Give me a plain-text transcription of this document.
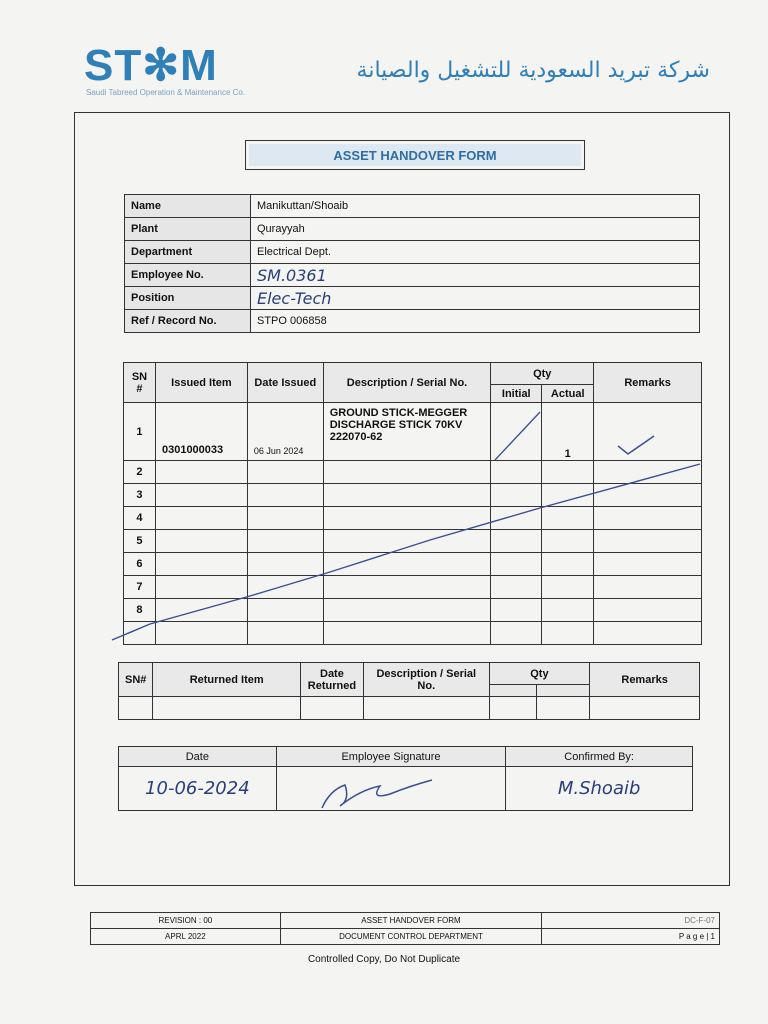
ST✻M
Saudi Tabreed Operation & Maintenance Co.
شركة تبريد السعودية للتشغيل والصيانة
ASSET HANDOVER FORM
Name	Manikuttan/Shoaib
Plant	Qurayyah
Department	Electrical Dept.
Employee No.	SM.0361
Position	Elec-Tech
Ref / Record No.	STPO 006858
SN #	Issued Item	Date Issued	Description / Serial No.	Qty		Remarks
				Initial	Actual	
1	0301000033	06 Jun 2024	GROUND STICK-MEGGER DISCHARGE STICK 70KV 222070-62		1	
2						
3						
4						
5						
6						
7						
8						

SN#	Returned Item	Date Returned	Description / Serial No.	Qty		Remarks

Date	Employee Signature	Confirmed By:
10-06-2024		M.Shoaib
REVISION : 00	ASSET HANDOVER FORM	DC-F-07
APRL 2022	DOCUMENT CONTROL DEPARTMENT	P a g e | 1
Controlled Copy, Do Not Duplicate
